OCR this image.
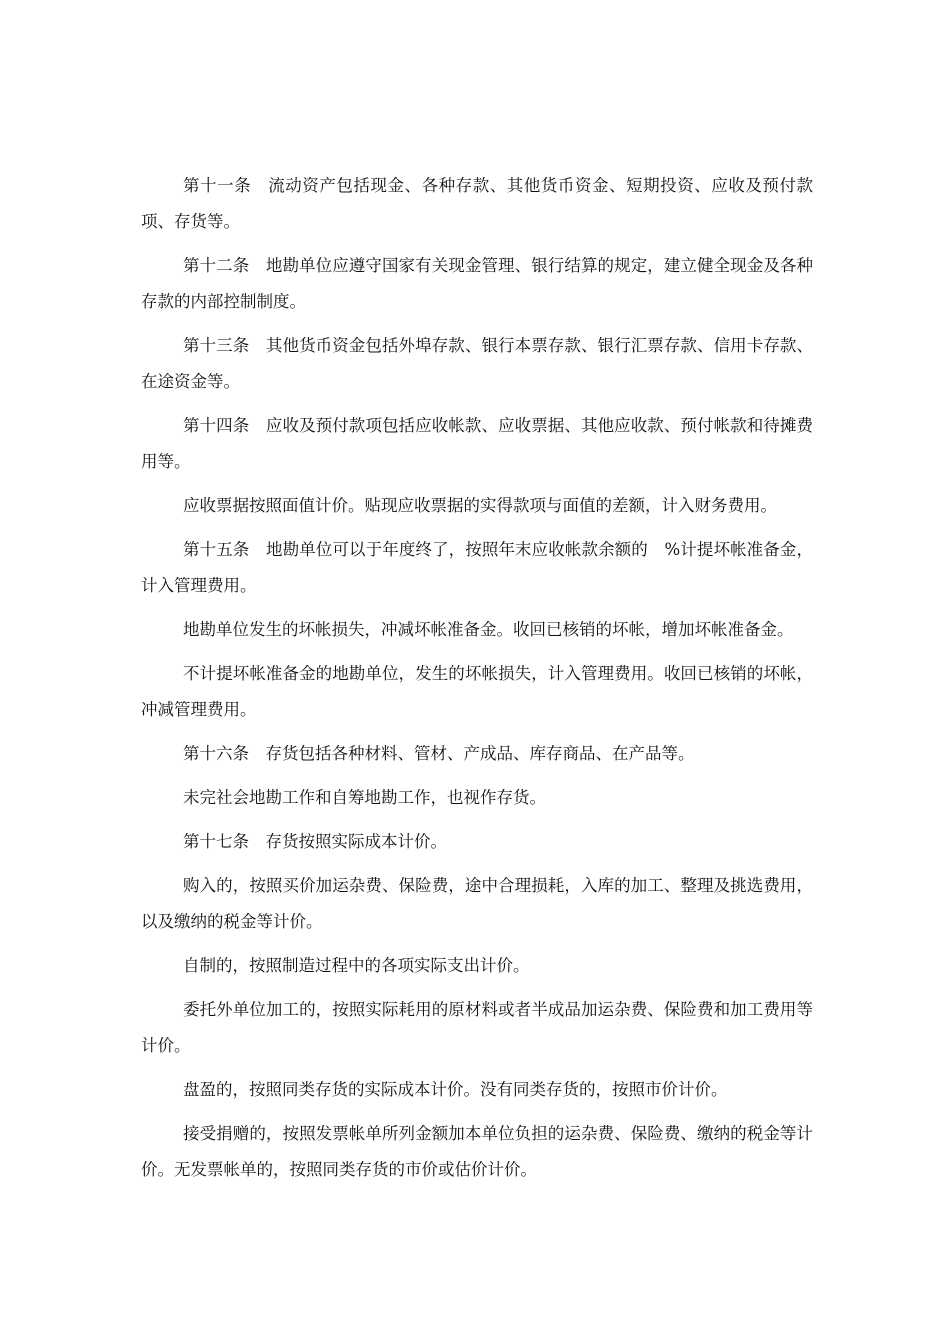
第十一条　流动资产包括现金、各种存款、其他货币资金、短期投资、应收及预付款项、存货等。

第十二条　地勘单位应遵守国家有关现金管理、银行结算的规定，建立健全现金及各种存款的内部控制制度。

第十三条　其他货币资金包括外埠存款、银行本票存款、银行汇票存款、信用卡存款、在途资金等。

第十四条　应收及预付款项包括应收帐款、应收票据、其他应收款、预付帐款和待摊费用等。

应收票据按照面值计价。贴现应收票据的实得款项与面值的差额，计入财务费用。

第十五条　地勘单位可以于年度终了，按照年末应收帐款余额的　%计提坏帐准备金，计入管理费用。

地勘单位发生的坏帐损失，冲减坏帐准备金。收回已核销的坏帐，增加坏帐准备金。

不计提坏帐准备金的地勘单位，发生的坏帐损失，计入管理费用。收回已核销的坏帐，冲减管理费用。

第十六条　存货包括各种材料、管材、产成品、库存商品、在产品等。

未完社会地勘工作和自筹地勘工作，也视作存货。

第十七条　存货按照实际成本计价。

购入的，按照买价加运杂费、保险费，途中合理损耗，入库的加工、整理及挑选费用，以及缴纳的税金等计价。

自制的，按照制造过程中的各项实际支出计价。

委托外单位加工的，按照实际耗用的原材料或者半成品加运杂费、保险费和加工费用等计价。

盘盈的，按照同类存货的实际成本计价。没有同类存货的，按照市价计价。

接受捐赠的，按照发票帐单所列金额加本单位负担的运杂费、保险费、缴纳的税金等计价。无发票帐单的，按照同类存货的市价或估价计价。
